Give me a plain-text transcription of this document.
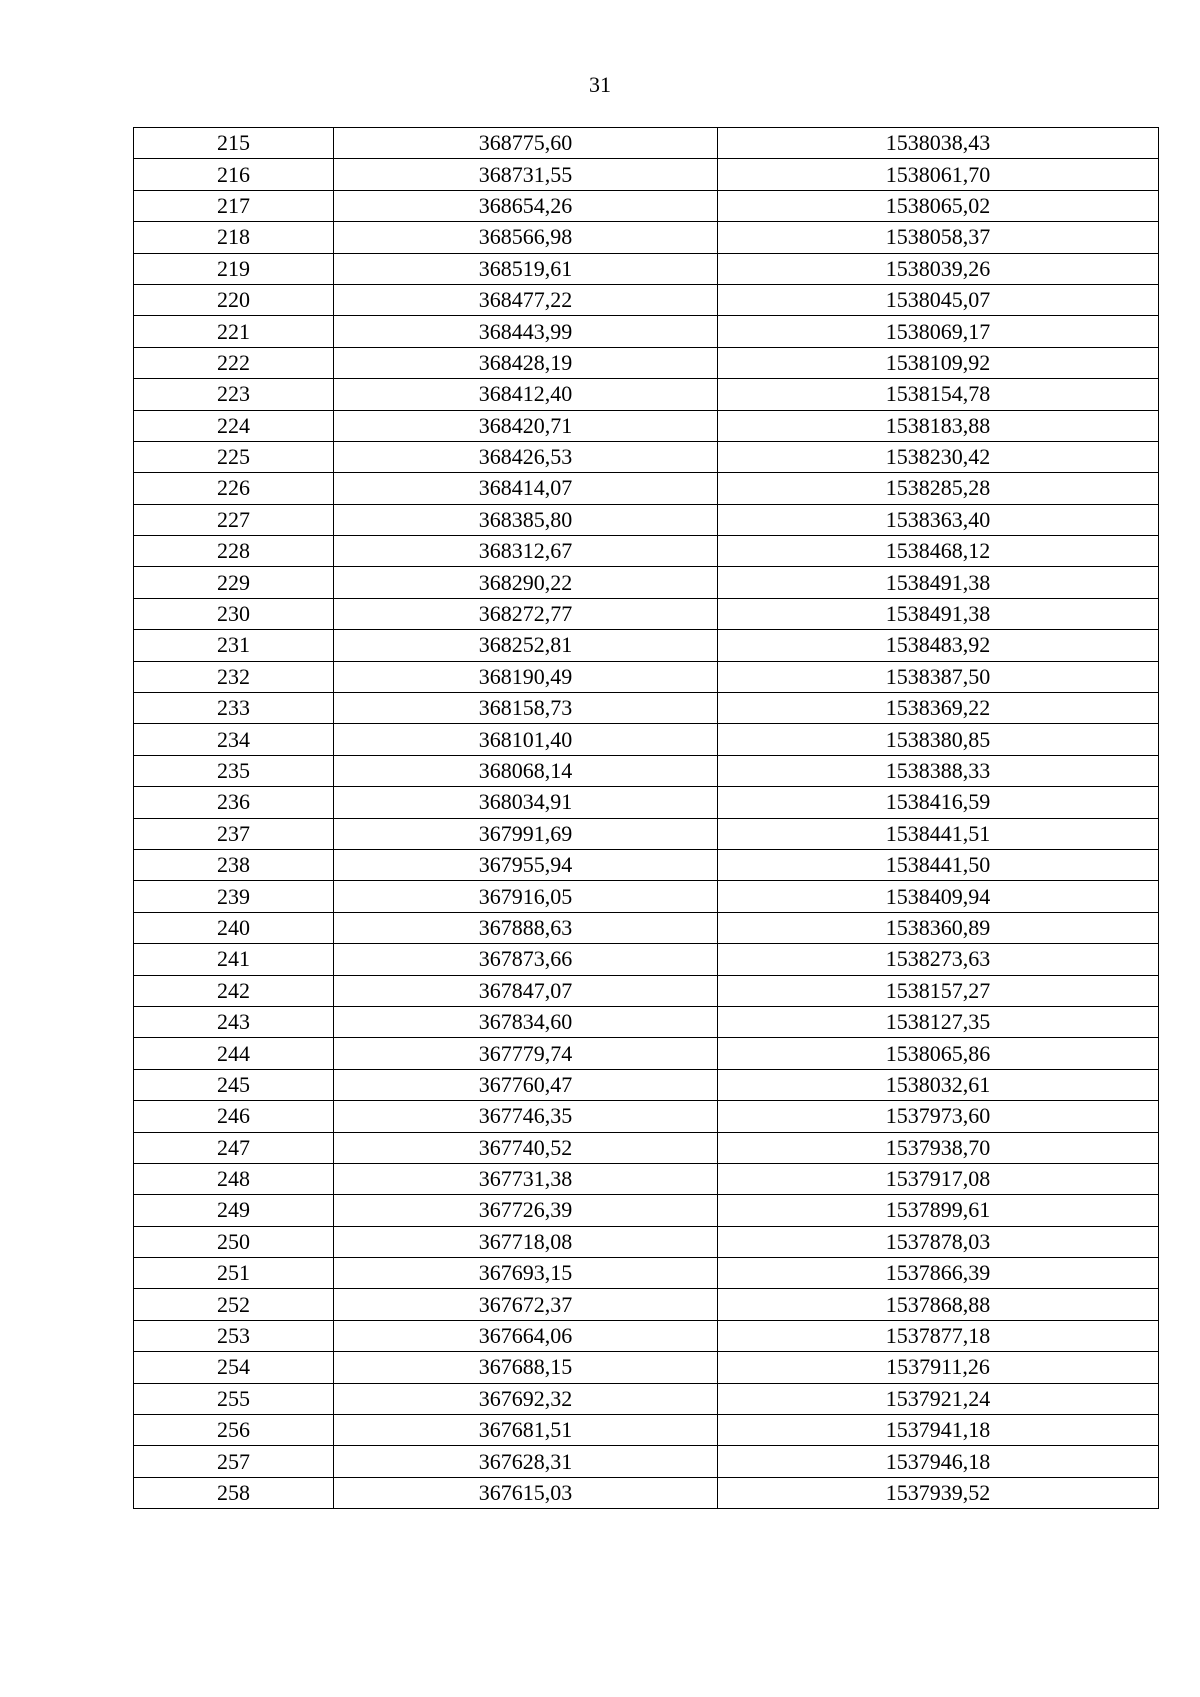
31
215	368775,60	1538038,43
216	368731,55	1538061,70
217	368654,26	1538065,02
218	368566,98	1538058,37
219	368519,61	1538039,26
220	368477,22	1538045,07
221	368443,99	1538069,17
222	368428,19	1538109,92
223	368412,40	1538154,78
224	368420,71	1538183,88
225	368426,53	1538230,42
226	368414,07	1538285,28
227	368385,80	1538363,40
228	368312,67	1538468,12
229	368290,22	1538491,38
230	368272,77	1538491,38
231	368252,81	1538483,92
232	368190,49	1538387,50
233	368158,73	1538369,22
234	368101,40	1538380,85
235	368068,14	1538388,33
236	368034,91	1538416,59
237	367991,69	1538441,51
238	367955,94	1538441,50
239	367916,05	1538409,94
240	367888,63	1538360,89
241	367873,66	1538273,63
242	367847,07	1538157,27
243	367834,60	1538127,35
244	367779,74	1538065,86
245	367760,47	1538032,61
246	367746,35	1537973,60
247	367740,52	1537938,70
248	367731,38	1537917,08
249	367726,39	1537899,61
250	367718,08	1537878,03
251	367693,15	1537866,39
252	367672,37	1537868,88
253	367664,06	1537877,18
254	367688,15	1537911,26
255	367692,32	1537921,24
256	367681,51	1537941,18
257	367628,31	1537946,18
258	367615,03	1537939,52
